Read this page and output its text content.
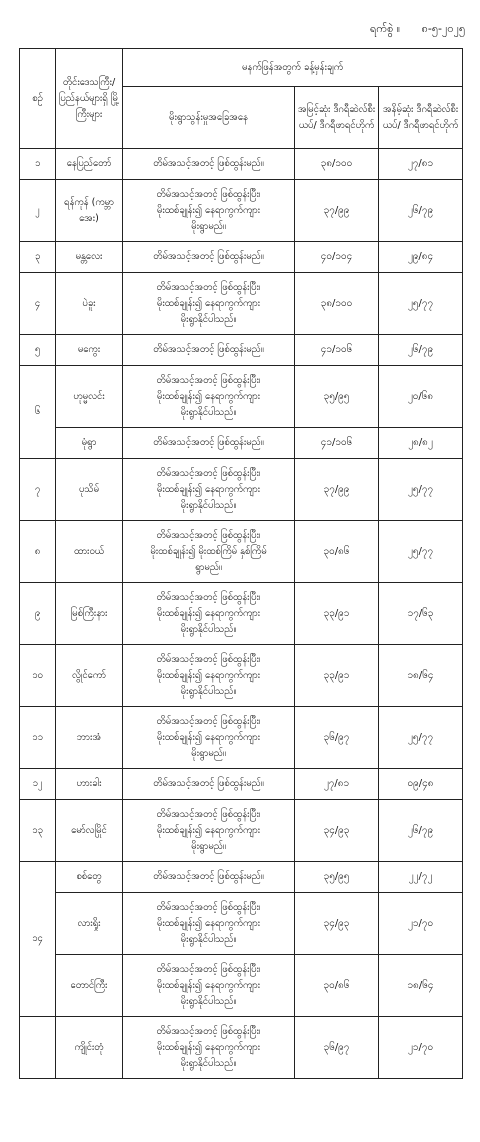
ရက်စွဲ ။ ၈-၅-၂၀၂၅
စဉ်	တိုင်းဒေသကြီး/ ပြည်နယ်များရှိ မြို့ကြီးများ	မနက်ဖြန်အတွက် ခန့်မှန်းချက်		
		မိုးရွာသွန်းမှုအခြေအနေ	အမြင့်ဆုံး ဒီဂရီဆဲလ်စီးယပ်/ ဒီဂရီဖာရင်ဟိုက်	အနိမ့်ဆုံး ဒီဂရီဆဲလ်စီးယပ်/ ဒီဂရီဖာရင်ဟိုက်
၁	နေပြည်တော်	တိမ်အသင့်အတင့် ဖြစ်ထွန်းမည်။	၃၈/၁၀၀	၂၇/၈၁
၂	ရန်ကုန် (ကမ္ဘာအေး)	တိမ်အသင့်အတင့် ဖြစ်ထွန်းပြီး၊
မိုးထစ်ချုန်း၍ နေရာကွက်ကျား
မိုးရွာမည်။	၃၇/၉၉	၂၆/၇၉
၃	မန္တလေး	တိမ်အသင့်အတင့် ဖြစ်ထွန်းမည်။	၄၀/၁၀၄	၂၉/၈၄
၄	ပဲခူး	တိမ်အသင့်အတင့် ဖြစ်ထွန်းပြီး၊
မိုးထစ်ချုန်း၍ နေရာကွက်ကျား
မိုးရွာနိုင်ပါသည်။	၃၈/၁၀၀	၂၅/၇၇
၅	မကွေး	တိမ်အသင့်အတင့် ဖြစ်ထွန်းမည်။	၄၁/၁၀၆	၂၆/၇၉
၆	ဟုမ္မလင်း	တိမ်အသင့်အတင့် ဖြစ်ထွန်းပြီး၊
မိုးထစ်ချုန်း၍ နေရာကွက်ကျား
မိုးရွာနိုင်ပါသည်။	၃၅/၉၅	၂၀/၆၈
	မုံရွာ	တိမ်အသင့်အတင့် ဖြစ်ထွန်းမည်။	၄၁/၁၀၆	၂၈/၈၂
၇	ပုသိမ်	တိမ်အသင့်အတင့် ဖြစ်ထွန်းပြီး၊
မိုးထစ်ချုန်း၍ နေရာကွက်ကျား
မိုးရွာနိုင်ပါသည်။	၃၇/၉၉	၂၅/၇၇
၈	ထားဝယ်	တိမ်အသင့်အတင့် ဖြစ်ထွန်းပြီး၊
မိုးထစ်ချုန်း၍ မိုးထစ်ကြိမ် နှစ်ကြိမ်
ရွာမည်။	၃၀/၈၆	၂၅/၇၇
၉	မြစ်ကြီးနား	တိမ်အသင့်အတင့် ဖြစ်ထွန်းပြီး၊
မိုးထစ်ချုန်း၍ နေရာကွက်ကျား
မိုးရွာနိုင်ပါသည်။	၃၃/၉၁	၁၇/၆၃
၁၀	လွိုင်ကော်	တိမ်အသင့်အတင့် ဖြစ်ထွန်းပြီး၊
မိုးထစ်ချုန်း၍ နေရာကွက်ကျား
မိုးရွာနိုင်ပါသည်။	၃၃/၉၁	၁၈/၆၄
၁၁	ဘားအံ	တိမ်အသင့်အတင့် ဖြစ်ထွန်းပြီး၊
မိုးထစ်ချုန်း၍ နေရာကွက်ကျား
မိုးရွာမည်။	၃၆/၉၇	၂၅/၇၇
၁၂	ဟားခါး	တိမ်အသင့်အတင့် ဖြစ်ထွန်းမည်။	၂၇/၈၁	၀၉/၄၈
၁၃	မော်လမြိုင်	တိမ်အသင့်အတင့် ဖြစ်ထွန်းပြီး၊
မိုးထစ်ချုန်း၍ နေရာကွက်ကျား
မိုးရွာမည်။	၃၄/၉၃	၂၆/၇၉
၁၄	စစ်တွေ	တိမ်အသင့်အတင့် ဖြစ်ထွန်းမည်။	၃၅/၉၅	၂၂/၇၂
	လားရှိုး	တိမ်အသင့်အတင့် ဖြစ်ထွန်းပြီး၊
မိုးထစ်ချုန်း၍ နေရာကွက်ကျား
မိုးရွာနိုင်ပါသည်။	၃၄/၉၃	၂၁/၇၀
	တောင်ကြီး	တိမ်အသင့်အတင့် ဖြစ်ထွန်းပြီး၊
မိုးထစ်ချုန်း၍ နေရာကွက်ကျား
မိုးရွာနိုင်ပါသည်။	၃၀/၈၆	၁၈/၆၄
	ကျိုင်းတုံ	တိမ်အသင့်အတင့် ဖြစ်ထွန်းပြီး၊
မိုးထစ်ချုန်း၍ နေရာကွက်ကျား
မိုးရွာနိုင်ပါသည်။	၃၆/၉၇	၂၁/၇၀
